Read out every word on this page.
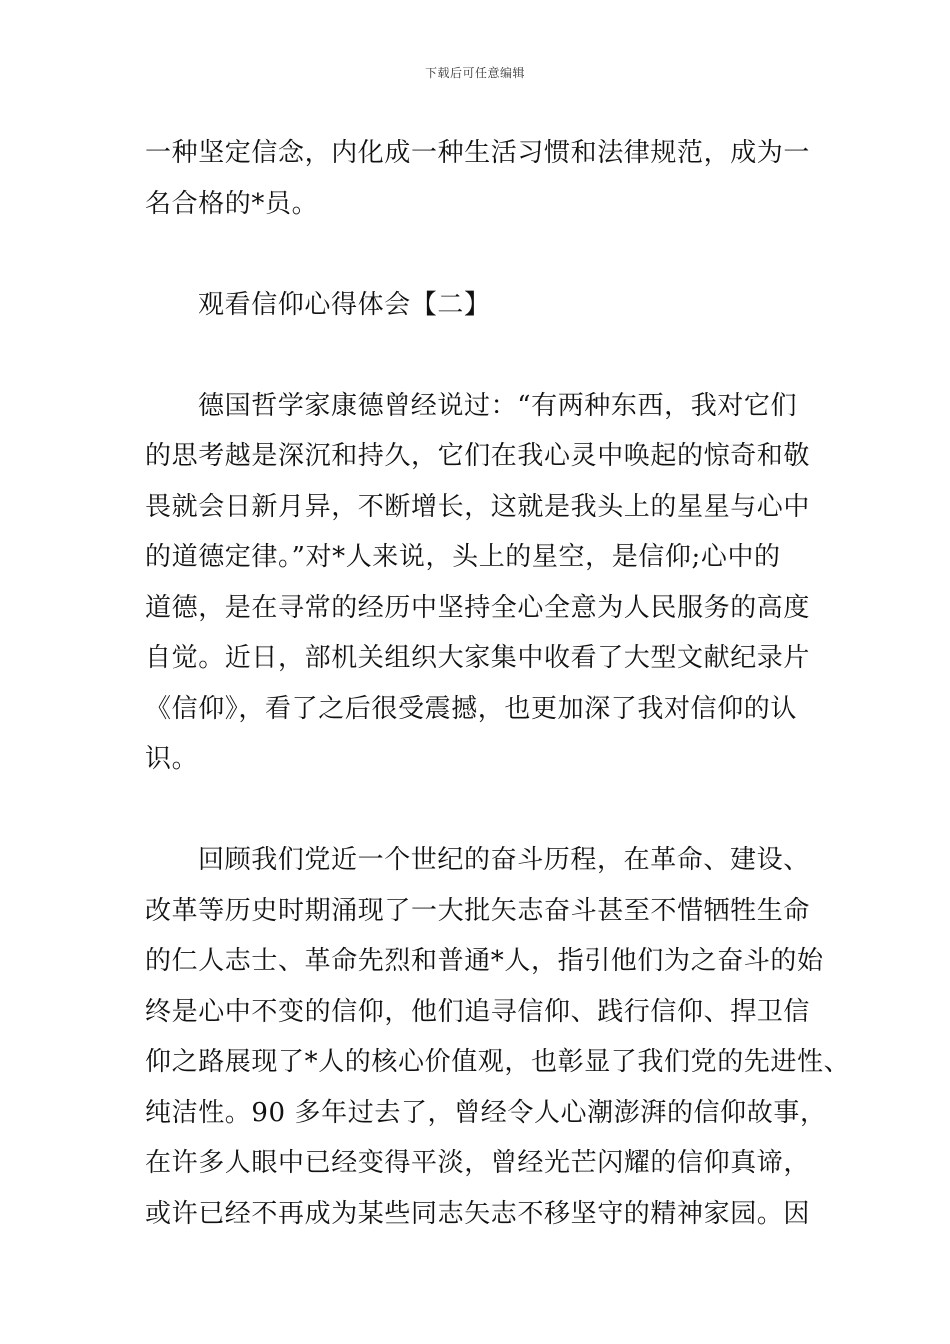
下载后可任意编辑
一种坚定信念，内化成一种生活习惯和法律规范，成为一
名合格的*员。
观看信仰心得体会【二】
德国哲学家康德曾经说过：“有两种东西，我对它们
的思考越是深沉和持久，它们在我心灵中唤起的惊奇和敬
畏就会日新月异，不断增长，这就是我头上的星星与心中
的道德定律。”对*人来说，头上的星空，是信仰;心中的
道德，是在寻常的经历中坚持全心全意为人民服务的高度
自觉。近日，部机关组织大家集中收看了大型文献纪录片
《信仰》，看了之后很受震撼，也更加深了我对信仰的认
识。
回顾我们党近一个世纪的奋斗历程，在革命、建设、
改革等历史时期涌现了一大批矢志奋斗甚至不惜牺牲生命
的仁人志士、革命先烈和普通*人，指引他们为之奋斗的始
终是心中不变的信仰，他们追寻信仰、践行信仰、捍卫信
仰之路展现了*人的核心价值观，也彰显了我们党的先进性、
纯洁性。90 多年过去了，曾经令人心潮澎湃的信仰故事，
在许多人眼中已经变得平淡，曾经光芒闪耀的信仰真谛，
或许已经不再成为某些同志矢志不移坚守的精神家园。因
